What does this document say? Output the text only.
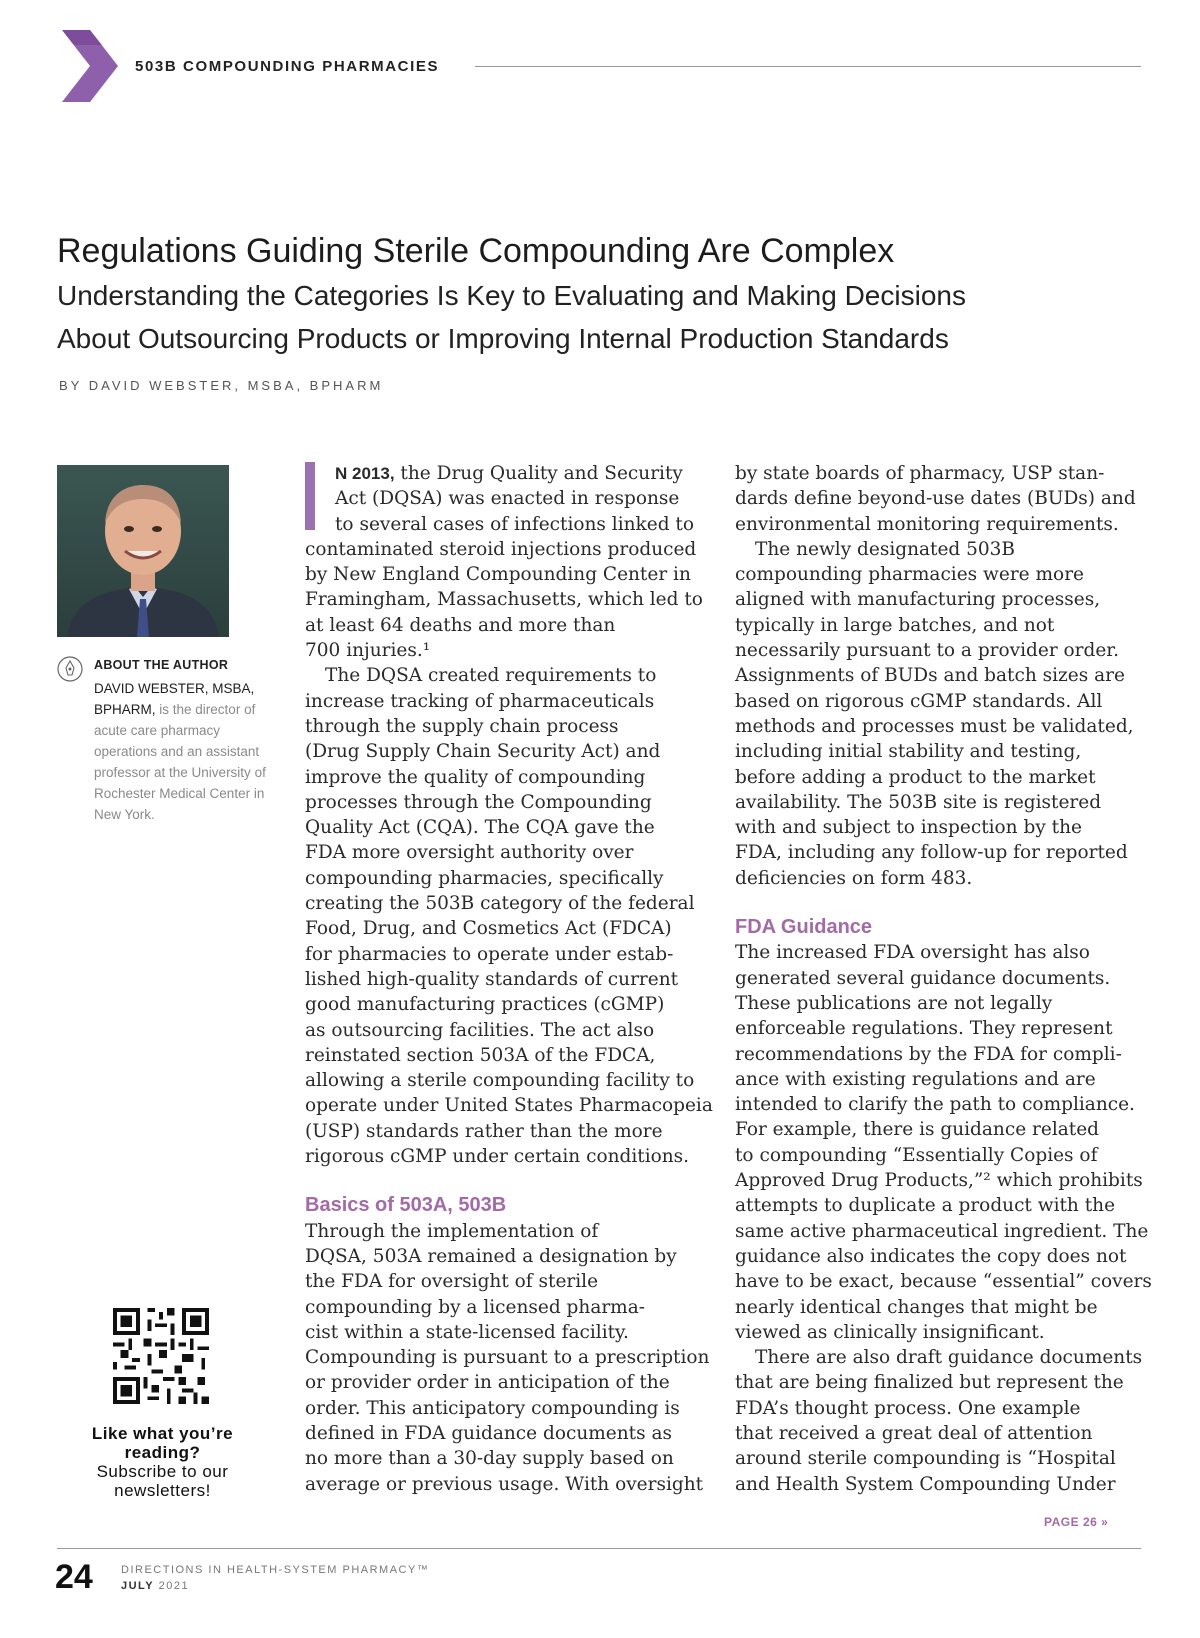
503B COMPOUNDING PHARMACIES
Regulations Guiding Sterile Compounding Are Complex
Understanding the Categories Is Key to Evaluating and Making Decisions
About Outsourcing Products or Improving Internal Production Standards
BY DAVID WEBSTER, MSBA, BPHARM
ABOUT THE AUTHOR

DAVID WEBSTER, MSBA, BPHARM, is the director of acute care pharmacy operations and an assistant professor at the University of Rochester Medical Center in New York.

Like what you’re reading?
Subscribe to our newsletters!

N 2013, the Drug Quality and Security
Act (DQSA) was enacted in response
to several cases of infections linked to
contaminated steroid injections produced
by New England Compounding Center in
Framingham, Massachusetts, which led to
at least 64 deaths and more than
700 injuries.¹
The DQSA created requirements to
increase tracking of pharmaceuticals
through the supply chain process
(Drug Supply Chain Security Act) and
improve the quality of compounding
processes through the Compounding
Quality Act (CQA). The CQA gave the
FDA more oversight authority over
compounding pharmacies, specifically
creating the 503B category of the federal
Food, Drug, and Cosmetics Act (FDCA)
for pharmacies to operate under estab-
lished high-quality standards of current
good manufacturing practices (cGMP)
as outsourcing facilities. The act also
reinstated section 503A of the FDCA,
allowing a sterile compounding facility to
operate under United States Pharmacopeia
(USP) standards rather than the more
rigorous cGMP under certain conditions.
Basics of 503A, 503B
Through the implementation of
DQSA, 503A remained a designation by
the FDA for oversight of sterile
compounding by a licensed pharma-
cist within a state-licensed facility.
Compounding is pursuant to a prescription
or provider order in anticipation of the
order. This anticipatory compounding is
defined in FDA guidance documents as
no more than a 30-day supply based on
average or previous usage. With oversight
by state boards of pharmacy, USP stan-
dards define beyond-use dates (BUDs) and
environmental monitoring requirements.
The newly designated 503B
compounding pharmacies were more
aligned with manufacturing processes,
typically in large batches, and not
necessarily pursuant to a provider order.
Assignments of BUDs and batch sizes are
based on rigorous cGMP standards. All
methods and processes must be validated,
including initial stability and testing,
before adding a product to the market
availability. The 503B site is registered
with and subject to inspection by the
FDA, including any follow-up for reported
deficiencies on form 483.
FDA Guidance
The increased FDA oversight has also
generated several guidance documents.
These publications are not legally
enforceable regulations. They represent
recommendations by the FDA for compli-
ance with existing regulations and are
intended to clarify the path to compliance.
For example, there is guidance related
to compounding “Essentially Copies of
Approved Drug Products,”² which prohibits
attempts to duplicate a product with the
same active pharmaceutical ingredient. The
guidance also indicates the copy does not
have to be exact, because “essential” covers
nearly identical changes that might be
viewed as clinically insignificant.
There are also draft guidance documents
that are being finalized but represent the
FDA’s thought process. One example
that received a great deal of attention
around sterile compounding is “Hospital
and Health System Compounding Under
PAGE 26 »
24	DIRECTIONS IN HEALTH-SYSTEM PHARMACY™
JULY 2021
